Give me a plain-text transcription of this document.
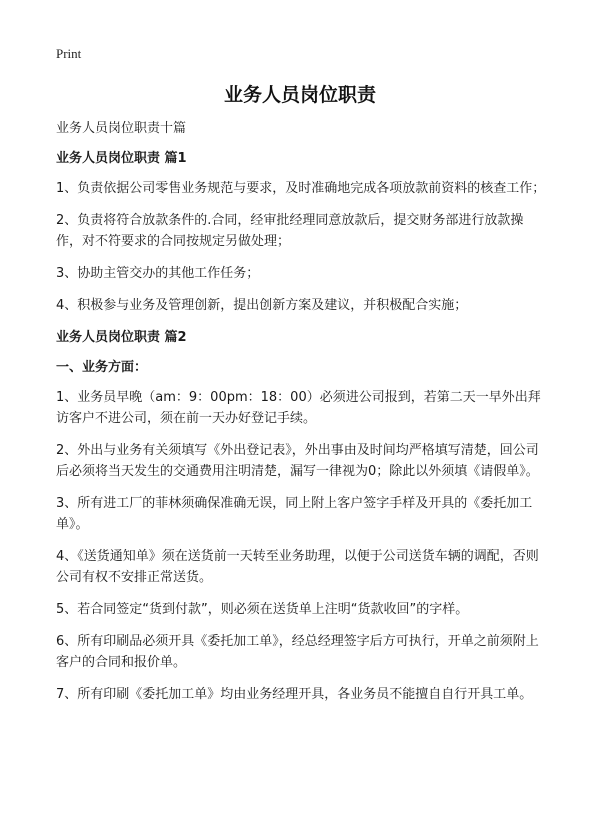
Print
业务人员岗位职责

业务人员岗位职责十篇

业务人员岗位职责 篇1

1、负责依据公司零售业务规范与要求，及时准确地完成各项放款前资料的核查工作；

2、负责将符合放款条件的.合同，经审批经理同意放款后，提交财务部进行放款操作，对不符要求的合同按规定另做处理；

3、协助主管交办的其他工作任务；

4、积极参与业务及管理创新，提出创新方案及建议，并积极配合实施；

业务人员岗位职责 篇2

一、业务方面：

1、业务员早晚（am：9：00pm：18：00）必须进公司报到，若第二天一早外出拜访客户不进公司，须在前一天办好登记手续。

2、外出与业务有关须填写《外出登记表》，外出事由及时间均严格填写清楚，回公司后必须将当天发生的交通费用注明清楚，漏写一律视为0；除此以外须填《请假单》。

3、所有进工厂的菲林须确保准确无误，同上附上客户签字手样及开具的《委托加工单》。

4、《送货通知单》须在送货前一天转至业务助理，以便于公司送货车辆的调配，否则公司有权不安排正常送货。

5、若合同签定“货到付款”，则必须在送货单上注明“货款收回”的字样。

6、所有印刷品必须开具《委托加工单》，经总经理签字后方可执行，开单之前须附上客户的合同和报价单。

7、所有印刷《委托加工单》均由业务经理开具，各业务员不能擅自自行开具工单。
